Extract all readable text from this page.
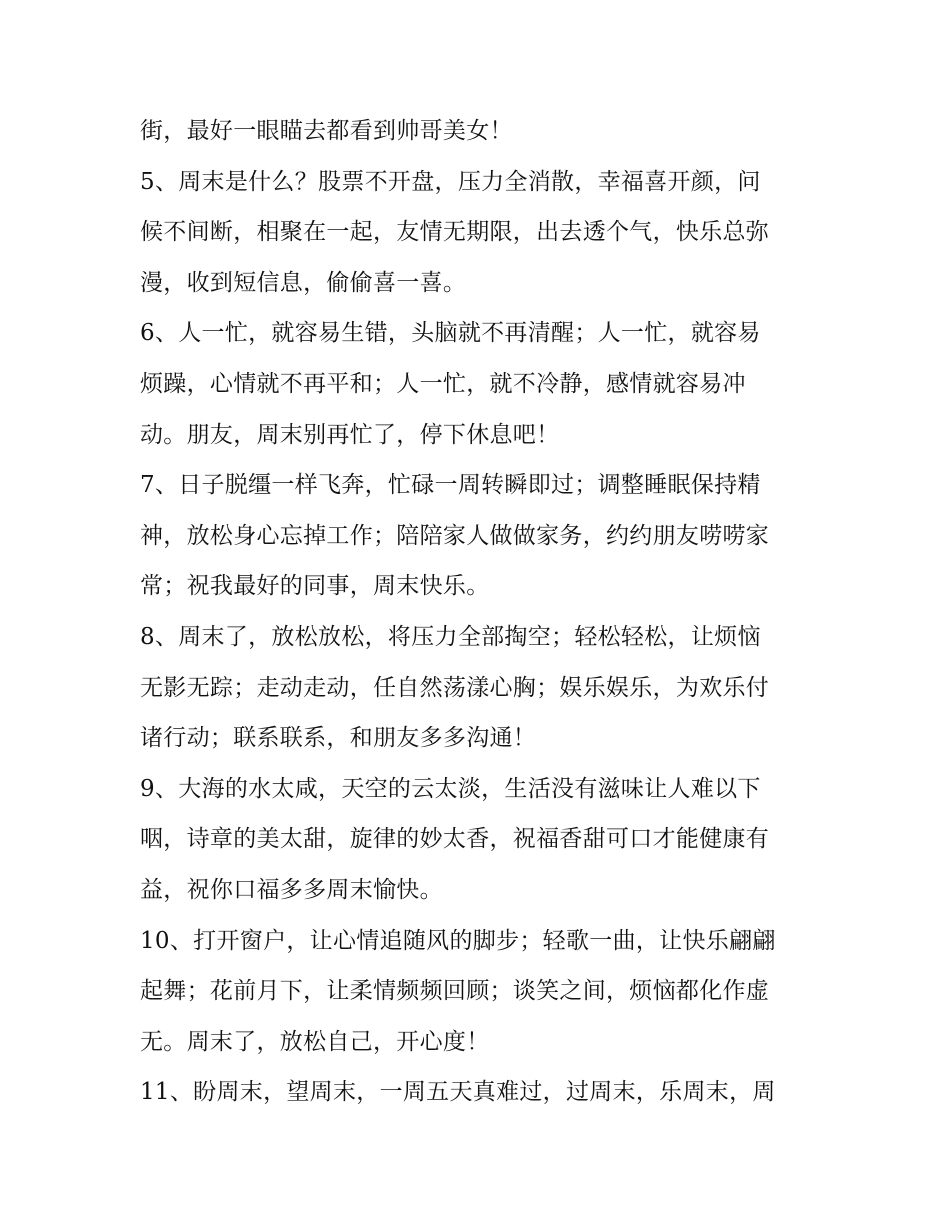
街，最好一眼瞄去都看到帅哥美女！
5、周末是什么？股票不开盘，压力全消散，幸福喜开颜，问
候不间断，相聚在一起，友情无期限，出去透个气，快乐总弥
漫，收到短信息，偷偷喜一喜。
6、人一忙，就容易生错，头脑就不再清醒；人一忙，就容易
烦躁，心情就不再平和；人一忙，就不冷静，感情就容易冲
动。朋友，周末别再忙了，停下休息吧！
7、日子脱缰一样飞奔，忙碌一周转瞬即过；调整睡眠保持精
神，放松身心忘掉工作；陪陪家人做做家务，约约朋友唠唠家
常；祝我最好的同事，周末快乐。
8、周末了，放松放松，将压力全部掏空；轻松轻松，让烦恼
无影无踪；走动走动，任自然荡漾心胸；娱乐娱乐，为欢乐付
诸行动；联系联系，和朋友多多沟通！
9、大海的水太咸，天空的云太淡，生活没有滋味让人难以下
咽，诗章的美太甜，旋律的妙太香，祝福香甜可口才能健康有
益，祝你口福多多周末愉快。
10、打开窗户，让心情追随风的脚步；轻歌一曲，让快乐翩翩
起舞；花前月下，让柔情频频回顾；谈笑之间，烦恼都化作虚
无。周末了，放松自己，开心度！
11、盼周末，望周末，一周五天真难过，过周末，乐周末，周
